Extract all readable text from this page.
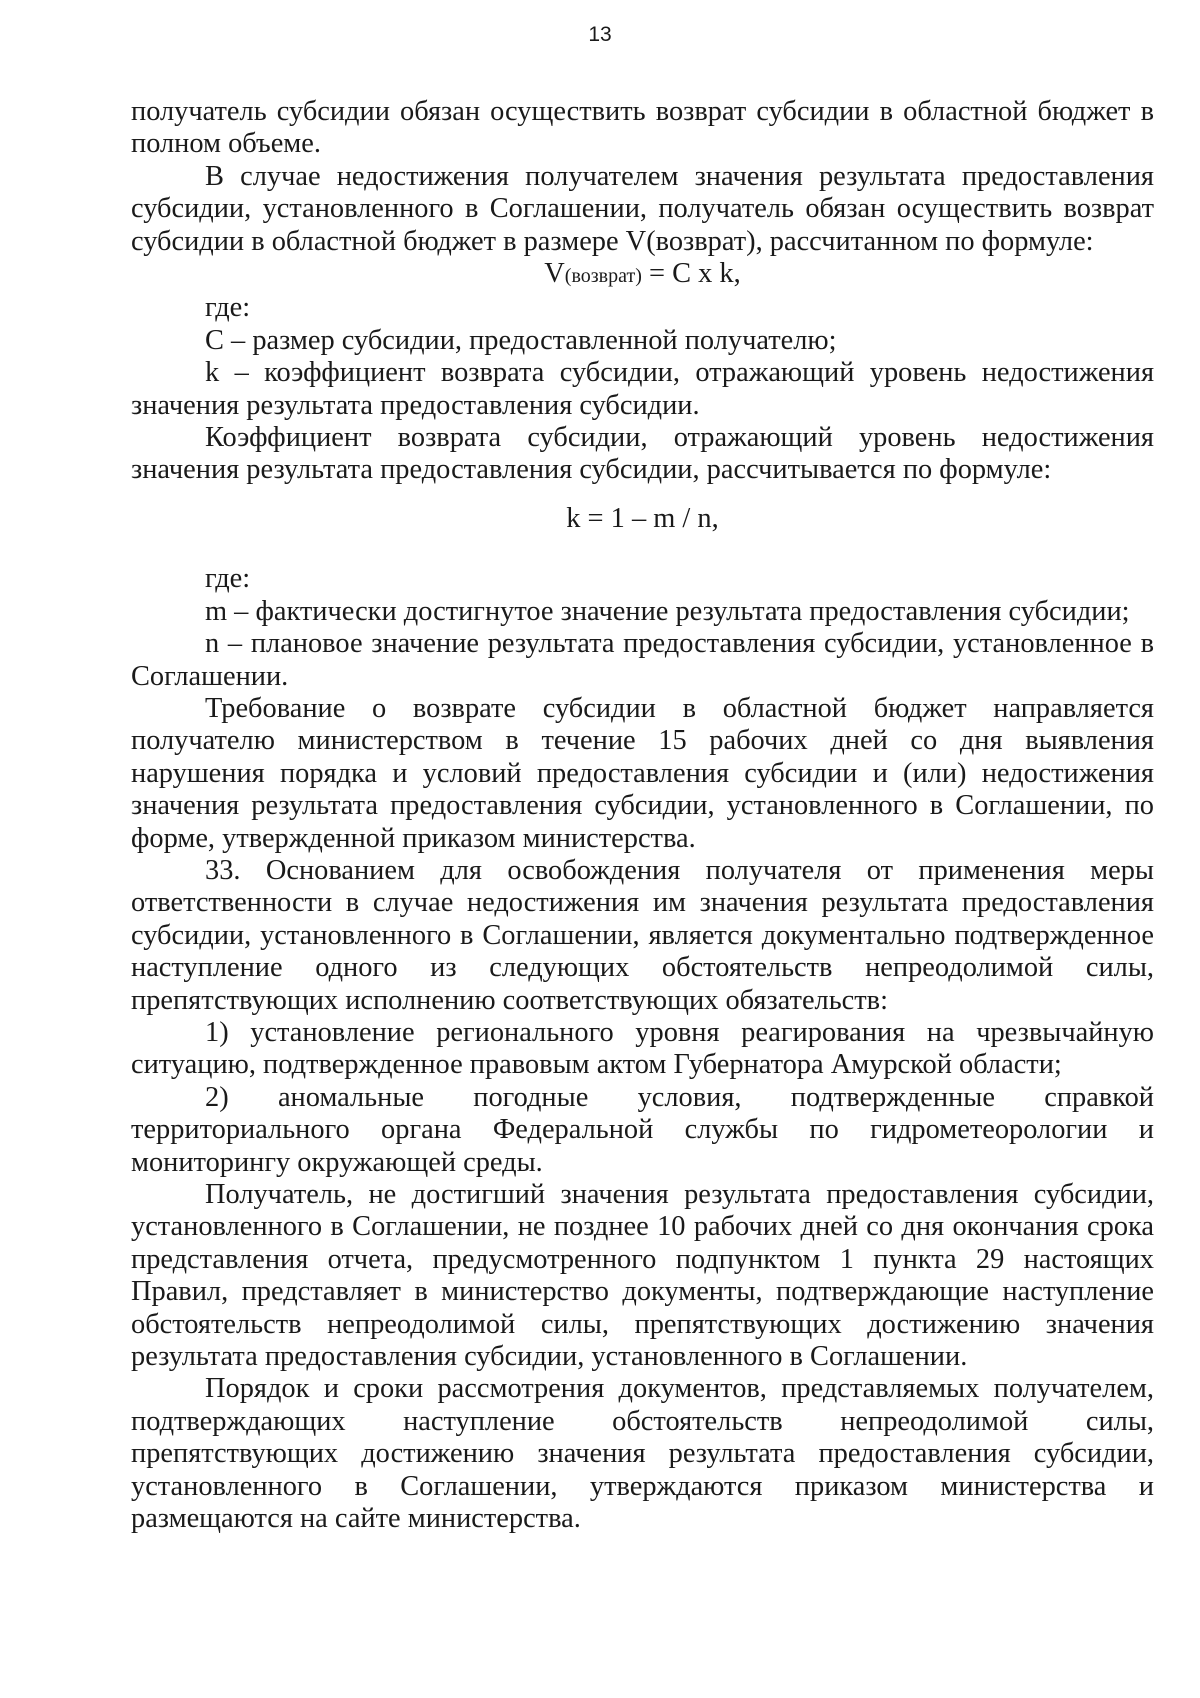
13

получатель субсидии обязан осуществить возврат субсидии в областной бюджет в полном объеме.

В случае недостижения получателем значения результата предоставления субсидии, установленного в Соглашении, получатель обязан осуществить возврат субсидии в областной бюджет в размере V(возврат), рассчитанном по формуле:

V(возврат) = C x k,

где:

C – размер субсидии, предоставленной получателю;

k – коэффициент возврата субсидии, отражающий уровень недостижения значения результата предоставления субсидии.

Коэффициент возврата субсидии, отражающий уровень недостижения значения результата предоставления субсидии, рассчитывается по формуле:

k = 1 – m / n,

где:

m – фактически достигнутое значение результата предоставления субсидии;

n – плановое значение результата предоставления субсидии, установленное в Соглашении.

Требование о возврате субсидии в областной бюджет направляется получателю министерством в течение 15 рабочих дней со дня выявления нарушения порядка и условий предоставления субсидии и (или) недостижения значения результата предоставления субсидии, установленного в Соглашении, по форме, утвержденной приказом министерства.

33. Основанием для освобождения получателя от применения меры ответственности в случае недостижения им значения результата предоставления субсидии, установленного в Соглашении, является документально подтвержденное наступление одного из следующих обстоятельств непреодолимой силы, препятствующих исполнению соответствующих обязательств:

1) установление регионального уровня реагирования на чрезвычайную ситуацию, подтвержденное правовым актом Губернатора Амурской области;

2) аномальные погодные условия, подтвержденные справкой территориального органа Федеральной службы по гидрометеорологии и мониторингу окружающей среды.

Получатель, не достигший значения результата предоставления субсидии, установленного в Соглашении, не позднее 10 рабочих дней со дня окончания срока представления отчета, предусмотренного подпунктом 1 пункта 29 настоящих Правил, представляет в министерство документы, подтверждающие наступление обстоятельств непреодолимой силы, препятствующих достижению значения результата предоставления субсидии, установленного в Соглашении.

Порядок и сроки рассмотрения документов, представляемых получателем, подтверждающих наступление обстоятельств непреодолимой силы, препятствующих достижению значения результата предоставления субсидии, установленного в Соглашении, утверждаются приказом министерства и размещаются на сайте министерства.
